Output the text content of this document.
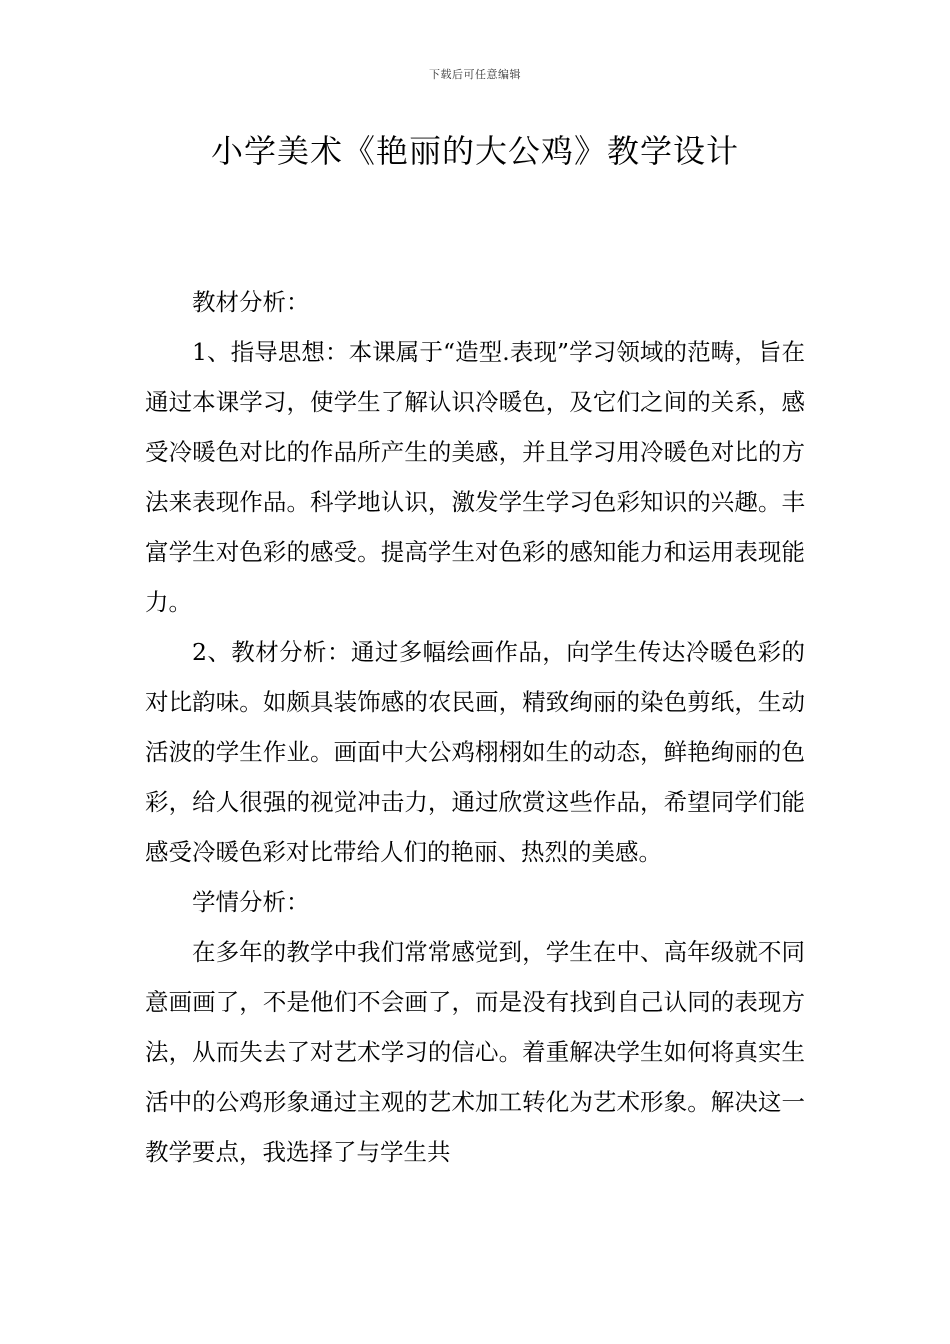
下载后可任意编辑
小学美术《艳丽的大公鸡》教学设计

教材分析：

1、指导思想：本课属于“造型.表现”学习领域的范畴，旨在通过本课学习，使学生了解认识冷暖色，及它们之间的关系，感受冷暖色对比的作品所产生的美感，并且学习用冷暖色对比的方法来表现作品。科学地认识，激发学生学习色彩知识的兴趣。丰富学生对色彩的感受。提高学生对色彩的感知能力和运用表现能力。

2、教材分析：通过多幅绘画作品，向学生传达冷暖色彩的对比韵味。如颇具装饰感的农民画，精致绚丽的染色剪纸，生动活波的学生作业。画面中大公鸡栩栩如生的动态，鲜艳绚丽的色彩，给人很强的视觉冲击力，通过欣赏这些作品，希望同学们能感受冷暖色彩对比带给人们的艳丽、热烈的美感。

学情分析：

在多年的教学中我们常常感觉到，学生在中、高年级就不同意画画了，不是他们不会画了，而是没有找到自己认同的表现方法，从而失去了对艺术学习的信心。着重解决学生如何将真实生活中的公鸡形象通过主观的艺术加工转化为艺术形象。解决这一教学要点，我选择了与学生共
